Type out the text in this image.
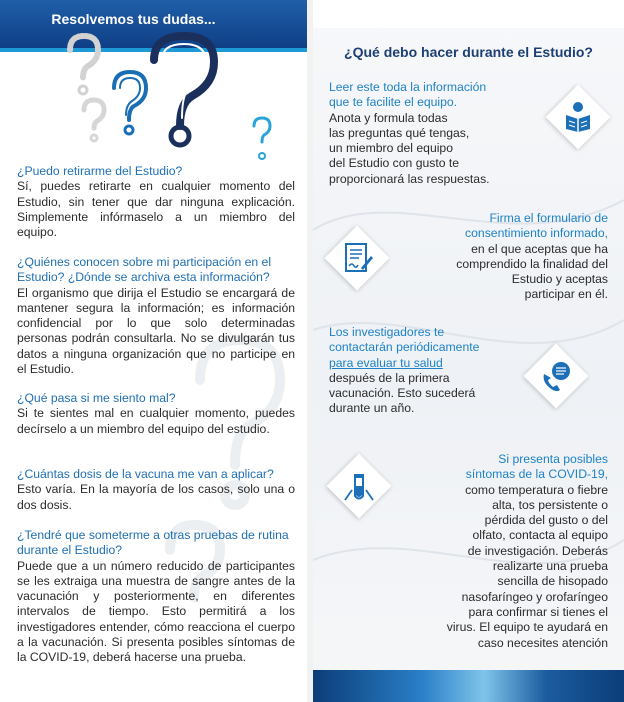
Resolvemos tus dudas...
¿Puedo retirarme del Estudio?
Sí, puedes retirarte en cualquier momento del Estudio, sin tener que dar ninguna explicación. Simplemente infórmaselo a un miembro del equipo.
¿Quiénes conocen sobre mi participación en el Estudio? ¿Dónde se archiva esta información?
El organismo que dirija el Estudio se encargará de mantener segura la información; es información confidencial por lo que solo determinadas personas podrán consultarla. No se divulgarán tus datos a ninguna organización que no participe en el Estudio.
¿Qué pasa si me siento mal?
Si te sientes mal en cualquier momento, puedes decírselo a un miembro del equipo del estudio.
¿Cuántas dosis de la vacuna me van a aplicar?
Esto varía. En la mayoría de los casos, solo una o dos dosis.
¿Tendré que someterme a otras pruebas de rutina durante el Estudio?
Puede que a un número reducido de participantes se les extraiga una muestra de sangre antes de la vacunación y posteriormente, en diferentes intervalos de tiempo. Esto permitirá a los investigadores entender, cómo reacciona el cuerpo a la vacunación. Si presenta posibles síntomas de la COVID-19, deberá hacerse una prueba.
¿Qué debo hacer durante el Estudio?
Leer este toda la información
que te facilite el equipo.
Anota y formula todas
las preguntas qué tengas,
un miembro del equipo
del Estudio con gusto te
proporcionará las respuestas.
Firma el formulario de
consentimiento informado,
en el que aceptas que ha
comprendido la finalidad del
Estudio y aceptas
participar en él.
Los investigadores te
contactarán periódicamente
para evaluar tu salud
después de la primera
vacunación. Esto sucederá
durante un año.
Si presenta posibles
síntomas de la COVID-19,
como temperatura o fiebre
alta, tos persistente o
pérdida del gusto o del
olfato, contacta al equipo
de investigación. Deberás
realizarte una prueba
sencilla de hisopado
nasofaríngeo y orofaríngeo
para confirmar si tienes el
virus. El equipo te ayudará en
caso necesites atención
